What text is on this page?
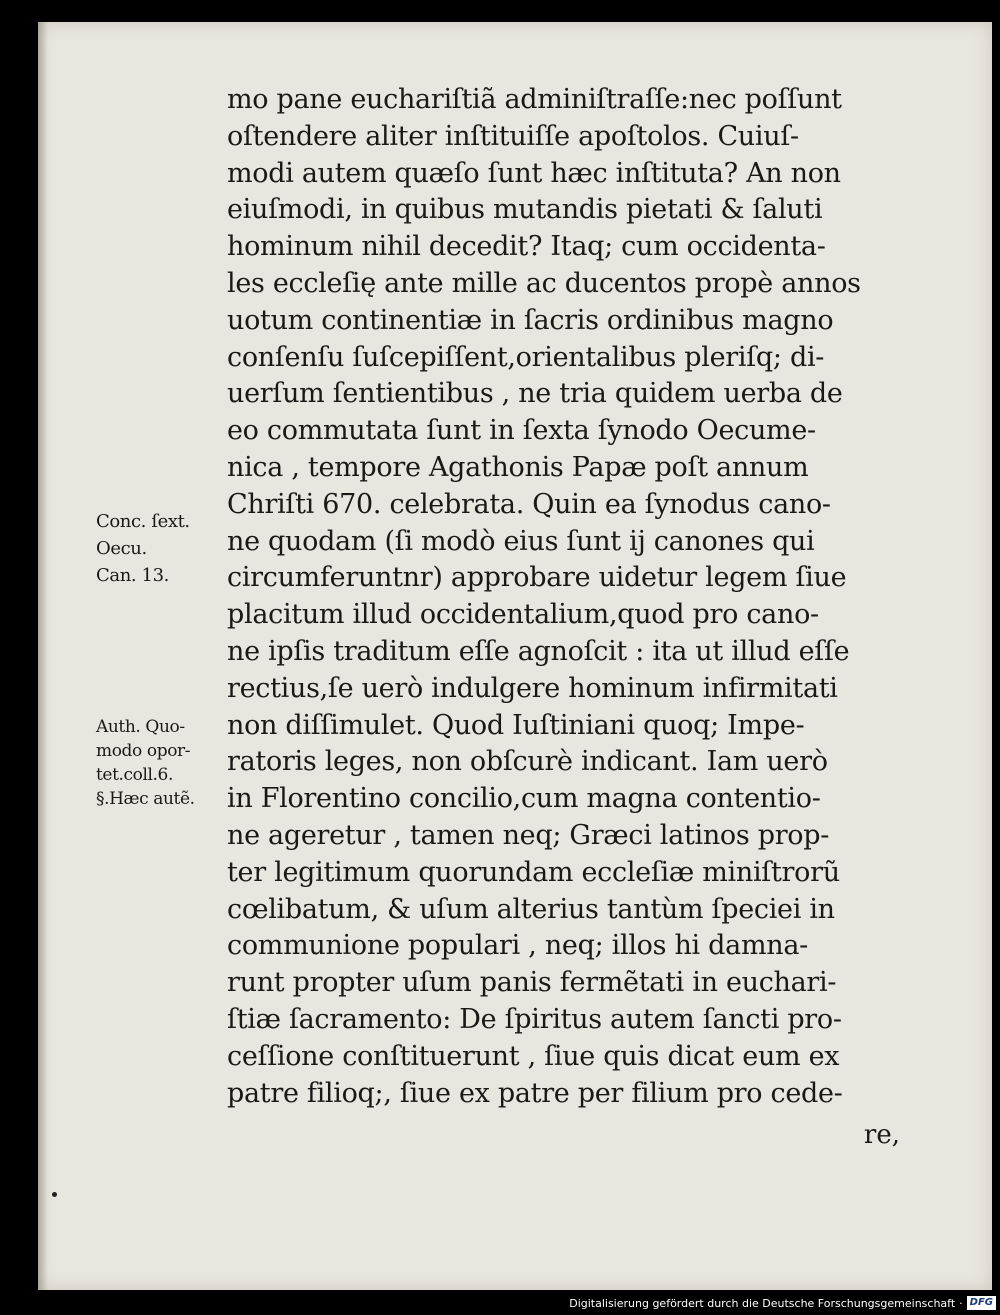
mo pane euchariſtiã adminiſtraſſe:nec poſſunt
oſtendere aliter inſtituiſſe apoſtolos. Cuiuſ-
modi autem quæſo ſunt hæc inſtituta? An non
eiuſmodi, in quibus mutandis pietati & ſaluti
hominum nihil decedit? Itaq; cum occidenta-
les eccleſię ante mille ac ducentos propè annos
uotum continentiæ in ſacris ordinibus magno
conſenſu ſuſcepiſſent,orientalibus pleriſq; di-
uerſum ſentientibus , ne tria quidem uerba de
eo commutata ſunt in ſexta ſynodo Oecume-
nica , tempore Agathonis Papæ poſt annum
Chriſti 670. celebrata. Quin ea ſynodus cano-
ne quodam (ſi modò eius ſunt ij canones qui
circumferuntnr) approbare uidetur legem ſiue
placitum illud occidentalium,quod pro cano-
ne ipſis traditum eſſe agnoſcit : ita ut illud eſſe
rectius,ſe uerò indulgere hominum infirmitati
non diſſimulet. Quod Iuſtiniani quoq; Impe-
ratoris leges, non obſcurè indicant. Iam uerò
in Florentino concilio,cum magna contentio-
ne ageretur , tamen neq; Græci latinos prop-
ter legitimum quorundam eccleſiæ miniſtrorũ
cœlibatum, & uſum alterius tantùm ſpeciei in
communione populari , neq; illos hi damna-
runt propter uſum panis fermẽtati in euchari-
ſtiæ ſacramento: De ſpiritus autem ſancti pro-
ceſſione conſtituerunt , ſiue quis dicat eum ex
patre filioq;, ſiue ex patre per filium pro cede-
re,
Conc. ſext.
Oecu.
Can. 13.
Auth. Quo-
modo opor-
tet.coll.6.
§.Hæc autẽ.
Digitalisierung gefördert durch die Deutsche Forschungsgemeinschaft · DFG
